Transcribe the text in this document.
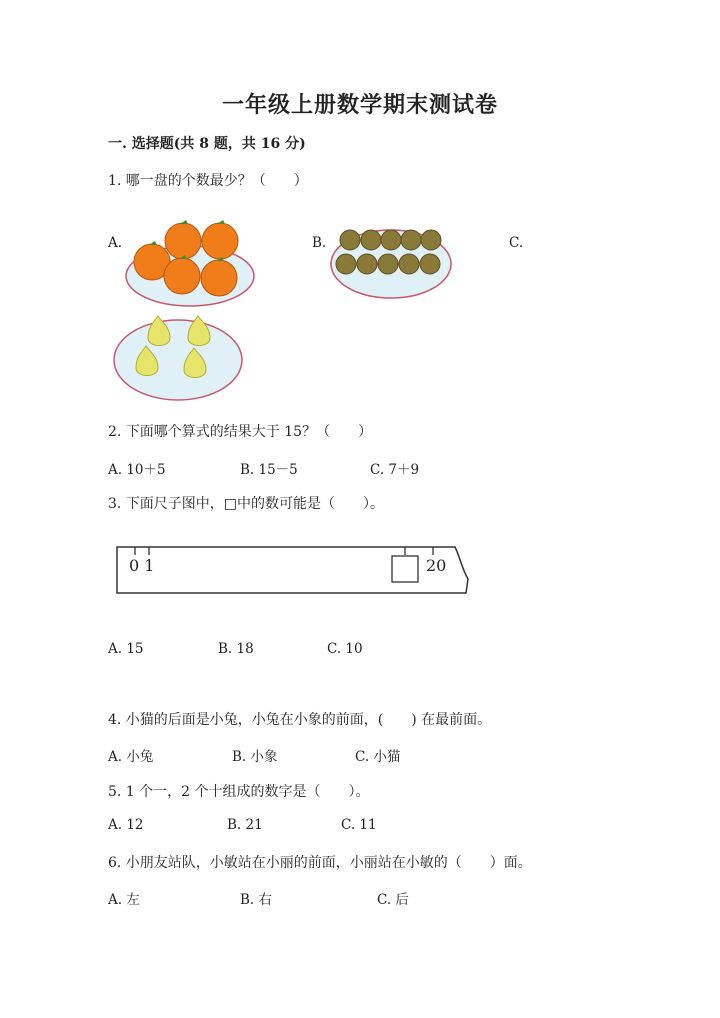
一年级上册数学期末测试卷
一. 选择题(共 8 题，共 16 分)
1. 哪一盘的个数最少？（　　）
A.	B.	C.
2. 下面哪个算式的结果大于 15？（　　）
A. 10＋5	B. 15－5	C. 7＋9
3. 下面尺子图中，□中的数可能是（　　）。
0 1	20
A. 15	B. 18	C. 10
4. 小猫的后面是小兔，小兔在小象的前面，(　　) 在最前面。
A. 小兔	B. 小象	C. 小猫
5. 1 个一，2 个十组成的数字是（　　）。
A. 12	B. 21	C. 11
6. 小朋友站队，小敏站在小丽的前面，小丽站在小敏的（　　）面。
A. 左	B. 右	C. 后
